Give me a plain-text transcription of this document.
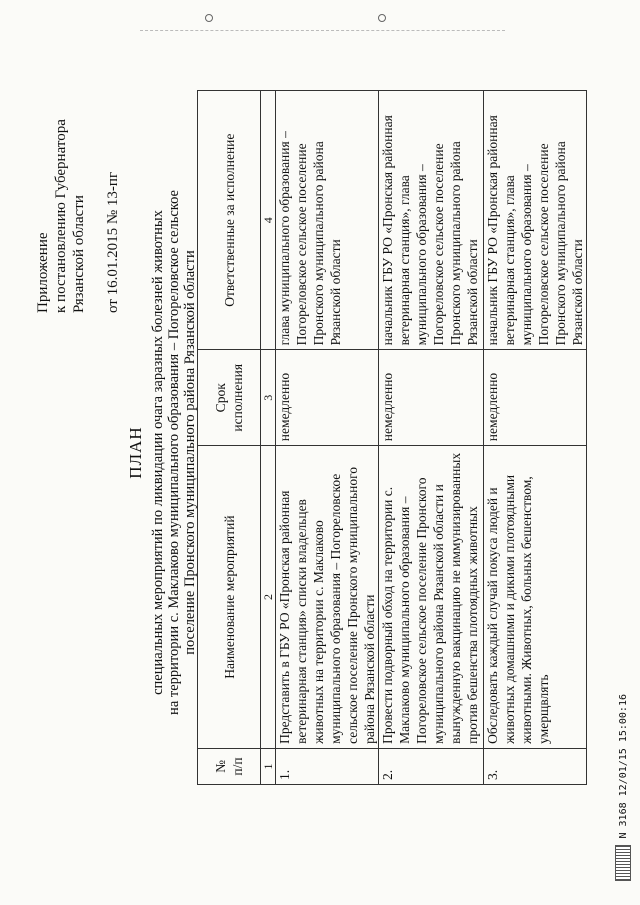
Приложение к постановлению Губернатора Рязанской области от 16.01.2015 № 13-пг
ПЛАН специальных мероприятий по ликвидации очага заразных болезней животных на территории с. Маклаково муниципального образования – Погореловское сельское поселение Пронского муниципального района Рязанской области
№ п/п	Наименование мероприятий	Срок исполнения	Ответственные за исполнение
1	2	3	4
1.	Представить в ГБУ РО «Пронская районная ветеринарная станция» списки владельцев животных на территории с. Маклаково муниципального образования – Погореловское сельское поселение Пронского муниципального района Рязанской области	немедленно	глава муниципального образования – Погореловское сельское поселение Пронского муниципального района Рязанской области
2.	Провести подворный обход на территории с. Маклаково муниципального образования – Погореловское сельское поселение Пронского муниципального района Рязанской области и вынужденную вакцинацию не иммунизированных против бешенства плотоядных животных	немедленно	начальник ГБУ РО «Пронская районная ветеринарная станция», глава муниципального образования – Погореловское сельское поселение Пронского муниципального района Рязанской области
3.	Обследовать каждый случай покуса людей и животных домашними и дикими плотоядными животными. Животных, больных бешенством, умерщвлять	немедленно	начальник ГБУ РО «Пронская районная ветеринарная станция», глава муниципального образования – Погореловское сельское поселение Пронского муниципального района Рязанской области
N 3168 12/01/15 15:00:16
